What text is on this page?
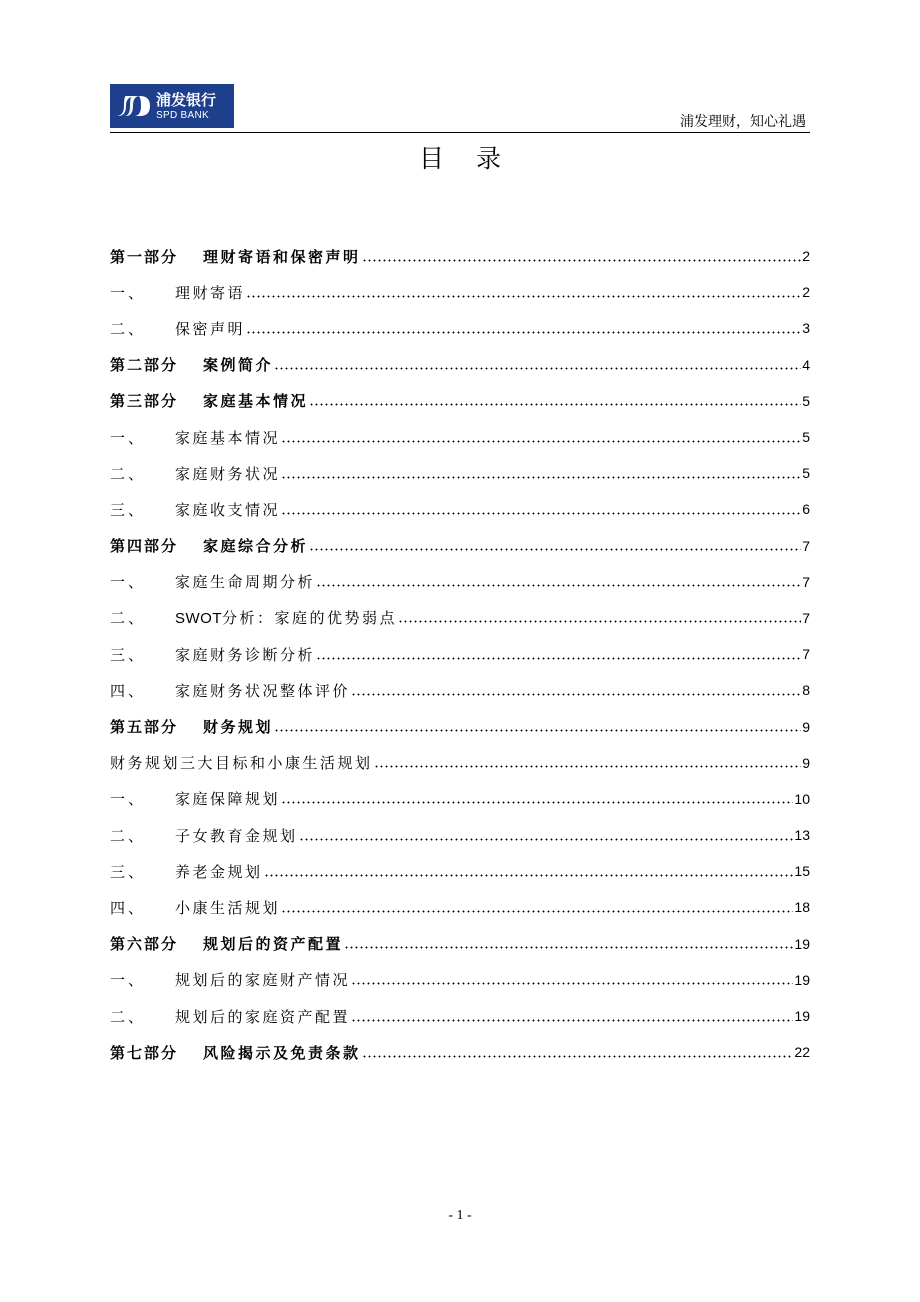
浦发银行
SPD BANK	浦发理财，知心礼遇
目录
第一部分	理财寄语和保密声明	2
一、	理财寄语	2
二、	保密声明	3
第二部分	案例简介	4
第三部分	家庭基本情况	5
一、	家庭基本情况	5
二、	家庭财务状况	5
三、	家庭收支情况	6
第四部分	家庭综合分析	7
一、	家庭生命周期分析	7
二、	SWOT分析：家庭的优势弱点	7
三、	家庭财务诊断分析	7
四、	家庭财务状况整体评价	8
第五部分	财务规划	9
财务规划三大目标和小康生活规划	9
一、	家庭保障规划	10
二、	子女教育金规划	13
三、	养老金规划	15
四、	小康生活规划	18
第六部分	规划后的资产配置	19
一、	规划后的家庭财产情况	19
二、	规划后的家庭资产配置	19
第七部分	风险揭示及免责条款	22
- 1 -
